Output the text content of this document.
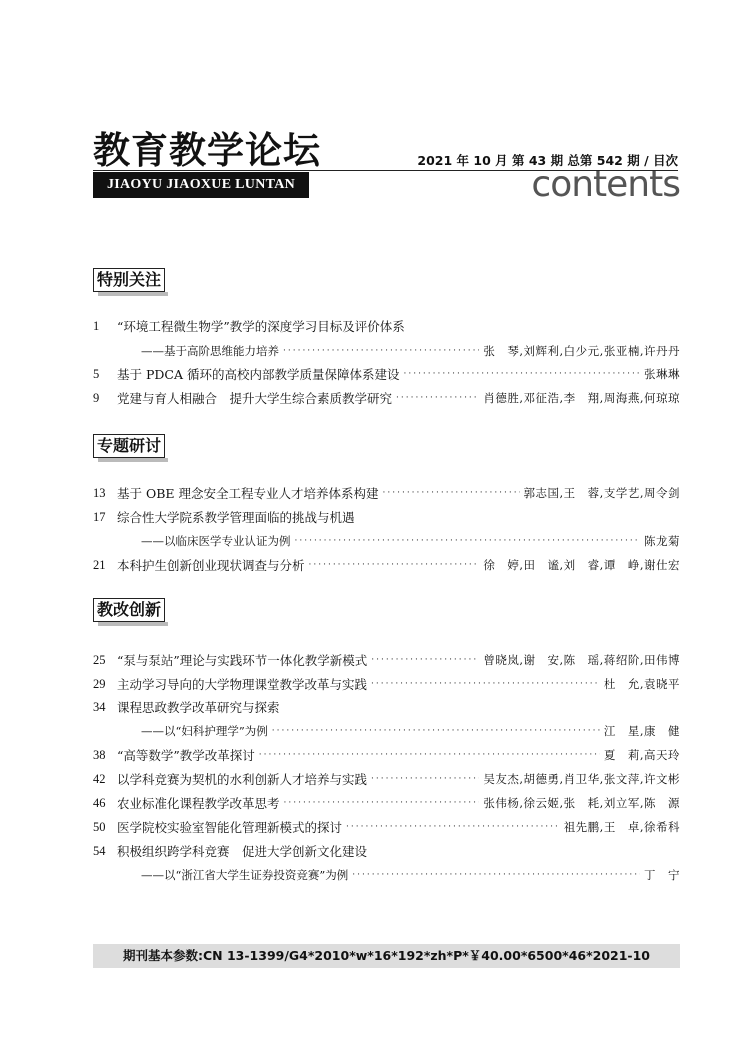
教育教学论坛	2021 年 10 月 第 43 期 总第 542 期 / 目次
JIAOYU JIAOXUE LUNTAN	contents
特别关注
1	“环境工程微生物学”教学的深度学习目标及评价体系
——基于高阶思维能力培养 ·····	张　琴,刘辉利,白少元,张亚楠,许丹丹
5	基于 PDCA 循环的高校内部教学质量保障体系建设 ·····	张琳琳
9	党建与育人相融合　提升大学生综合素质教学研究 ·····	肖德胜,邓征浩,李　翔,周海燕,何琼琼
专题研讨
13 基于 OBE 理念安全工程专业人才培养体系构建 ·····	郭志国,王　蓉,支学艺,周令剑
17 综合性大学院系教学管理面临的挑战与机遇
——以临床医学专业认证为例 ·····	陈龙菊
21 本科护生创新创业现状调查与分析 ·····	徐　婷,田　谧,刘　睿,谭　峥,谢仕宏
教改创新
25 “泵与泵站”理论与实践环节一体化教学新模式 ·····	曾晓岚,谢　安,陈　瑶,蒋绍阶,田伟博
29 主动学习导向的大学物理课堂教学改革与实践 ·····	杜　允,袁晓平
34 课程思政教学改革研究与探索
——以“妇科护理学”为例 ·····	江　星,康　健
38 “高等数学”教学改革探讨 ·····	夏　莉,高天玲
42 以学科竞赛为契机的水利创新人才培养与实践 ·····	吴友杰,胡德勇,肖卫华,张文萍,许文彬
46 农业标准化课程教学改革思考 ·····	张伟杨,徐云姬,张　耗,刘立军,陈　源
50 医学院校实验室智能化管理新模式的探讨 ·····	祖先鹏,王　卓,徐希科
54 积极组织跨学科竞赛　促进大学创新文化建设
——以“浙江省大学生证券投资竞赛”为例 ·····	丁　宁
期刊基本参数:CN 13-1399/G4*2010*w*16*192*zh*P*￥40.00*6500*46*2021-10
